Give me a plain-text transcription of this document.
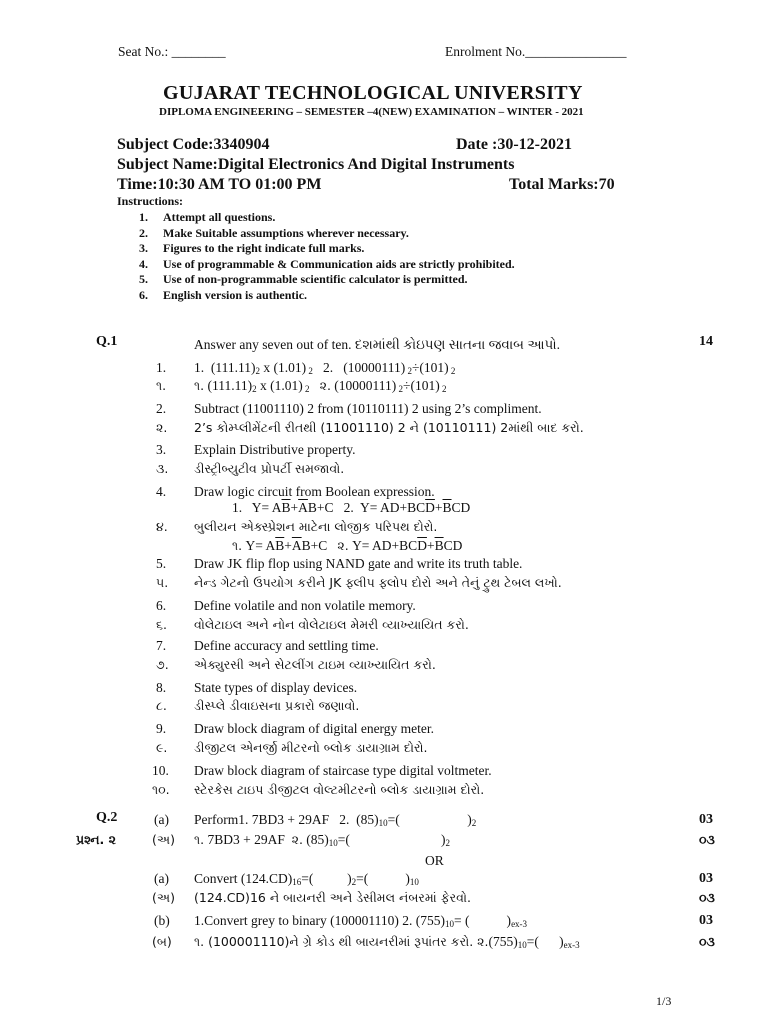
Seat No.: ________	Enrolment No._______________
GUJARAT TECHNOLOGICAL UNIVERSITY
DIPLOMA ENGINEERING – SEMESTER –4(NEW) EXAMINATION – WINTER - 2021
Subject Code:3340904	Date :30-12-2021
Subject Name:Digital Electronics And Digital Instruments
Time:10:30 AM TO 01:00 PM	Total Marks:70
Instructions:
1. Attempt all questions.
2. Make Suitable assumptions wherever necessary.
3. Figures to the right indicate full marks.
4. Use of programmable & Communication aids are strictly prohibited.
5. Use of non-programmable scientific calculator is permitted.
6. English version is authentic.
Q.1	Answer any seven out of ten. દશમાંથી કોઇપણ સાતના જવાબ આપો.	14
1. 1.  $(111.11)_2$ x (1.01) $_2$   2.   (10000111) $_2$÷(101) $_2$
૧. ૧. $(111.11)_2$ x (1.01) $_2$ ૨. (10000111) $_2$÷(101) $_2$
2. Subtract (11001110) 2 from (10110111) 2 using 2’s compliment.
૨. 2’s કોમ્પ્લીમેંટની રીતથી (11001110) 2 ને (10110111) 2માંથી બાદ કરો.
3. Explain Distributive property.
૩. ડીસ્ટ્રીબ્યુટીવ પ્રોપર્ટી સમજાવો.
4. Draw logic circuit from Boolean expression.
1.   $Y= A\overline{B}+\overline{A}B+C$   2.  $Y= AD+BC\overline{D}+\overline{B}CD$
૪. બુલીયન એક્સ્પ્રેશન માટેના લોજીક પરિપથ દોરો.
૧. $Y= A\overline{B}+\overline{A}B+C$   ૨. $Y= AD+BC\overline{D}+\overline{B}CD$
5. Draw JK flip flop using NAND gate and write its truth table.
૫. નેન્ડ ગેટનો ઉપયોગ કરીને JK ફ્લીપ ફ્લોપ દોરો અને તેનું ટ્રુથ ટેબલ લખો.
6. Define volatile and non volatile memory.
૬. વોલેટાઇલ અને નોન વોલેટાઇલ મેમરી વ્યાખ્યાયિત કરો.
7. Define accuracy and settling time.
૭. એક્યુરસી અને સેટલીંગ ટાઇમ વ્યાખ્યાયિત કરો.
8. State types of display devices.
૮. ડીસ્પ્લે ડીવાઇસના પ્રકારો જણાવો.
9. Draw block diagram of digital energy meter.
૯. ડીજીટલ એનર્જી મીટરનો બ્લોક ડાયાગ્રામ દોરો.
10. Draw block diagram of staircase type digital voltmeter.
૧૦. સ્ટેરકેસ ટાઇપ ડીજીટલ વોલ્ટમીટરનો બ્લોક ડાયાગ્રામ દોરો.
Q.2	(a) Perform1. 7BD3 + 29AF   2.  $(85)_{10}=$(                    )$_2$	03
પ્રશ્ન. ૨	(અ) ૧. 7BD3 + 29AF  ૨. $(85)_{10}=$(                           )$_2$	૦૩
OR
(a) Convert $(124.CD)_{16}=$(          )$_2=$(           )$_{10}$	03
(અ) (124.CD)16 ને બાયનરી અને ડેસીમલ નંબરમાં ફેરવો.	૦૩
(b) 1.Convert grey to binary (100001110) 2. $(755)_{10}=$ (           )$_{ex-3}$	03
(બ) ૧. (100001110)ને ગ્રે કોડ થી બાયનરીમાં રૂપાંતર કરો. $૨.(755)_{10}=$(      )$_{ex-3}$	૦૩
1/3
